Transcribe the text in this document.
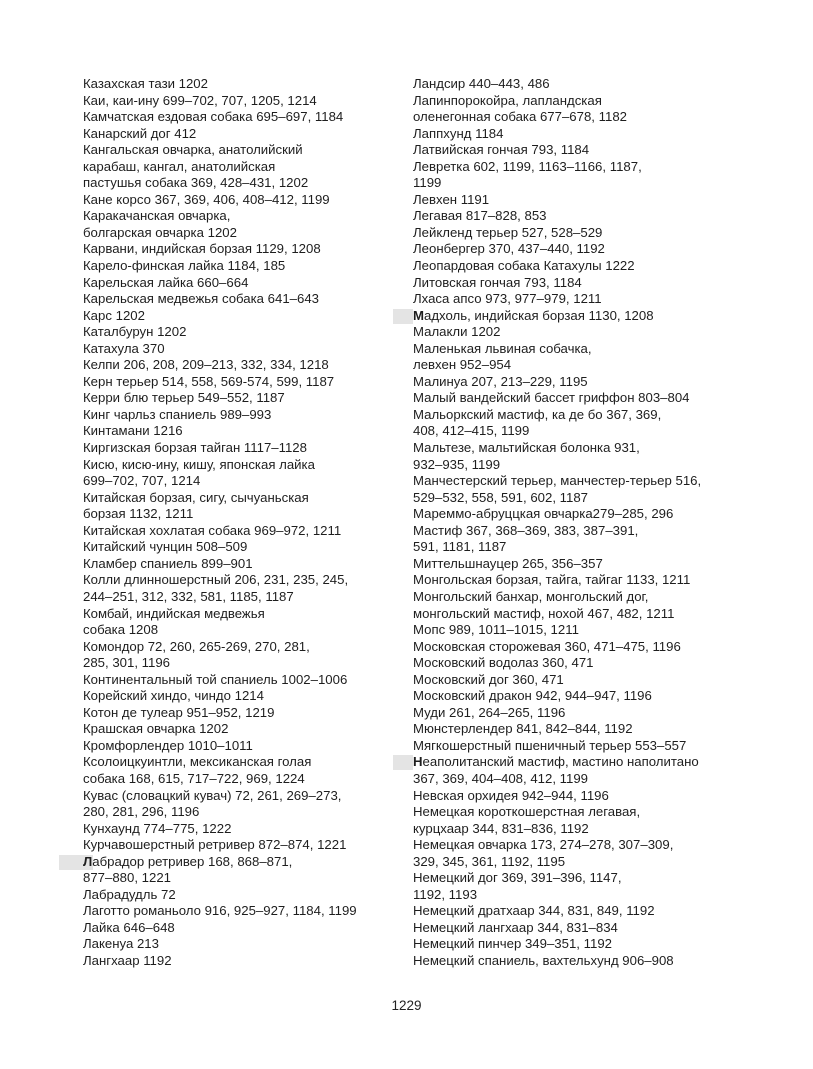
Казахская тази 1202
Каи, каи-ину 699–702, 707, 1205, 1214
Камчатская ездовая собака 695–697, 1184
Канарский дог 412
Кангальская овчарка, анатолийский
карабаш, кангал, анатолийская
пастушья собака 369, 428–431, 1202
Кане корсо 367, 369, 406, 408–412, 1199
Каракачанская овчарка,
болгарская овчарка 1202
Карвани, индийская борзая 1129, 1208
Карело-финская лайка 1184, 185
Карельская лайка 660–664
Карельская медвежья собака 641–643
Карс 1202
Каталбурун 1202
Катахула 370
Келпи 206, 208, 209–213, 332, 334, 1218
Керн терьер 514, 558, 569-574, 599, 1187
Керри блю терьер 549–552, 1187
Кинг чарльз спаниель 989–993
Кинтамани 1216
Киргизская борзая тайган 1117–1128
Кисю, кисю-ину, кишу, японская лайка
699–702, 707, 1214
Китайская борзая, сигу, сычуаньская
борзая 1132, 1211
Китайская хохлатая собака 969–972, 1211
Китайский чунцин 508–509
Кламбер спаниель 899–901
Колли длинношерстный 206, 231, 235, 245,
244–251, 312, 332, 581, 1185, 1187
Комбай, индийская медвежья
собака 1208
Комондор 72, 260, 265-269, 270, 281,
285, 301, 1196
Континентальный той спаниель 1002–1006
Корейский хиндо, чиндо 1214
Котон де тулеар 951–952, 1219
Крашская овчарка 1202
Кромфорлендер 1010–1011
Ксолоицкуинтли, мексиканская голая
собака 168, 615, 717–722, 969, 1224
Кувас (словацкий кувач) 72, 261, 269–273,
280, 281, 296, 1196
Кунхаунд 774–775, 1222
Курчавошерстный ретривер 872–874, 1221
Лабрадор ретривер 168, 868–871,
877–880, 1221
Лабрадудль 72
Лаготто романьоло 916, 925–927, 1184, 1199
Лайка 646–648
Лакенуа 213
Лангхаар 1192
Ландсир 440–443, 486
Лапинпорокойра, лапландская
оленегонная собака 677–678, 1182
Лаппхунд 1184
Латвийская гончая 793, 1184
Левретка 602, 1199, 1163–1166, 1187,
1199
Левхен 1191
Легавая 817–828, 853
Лейкленд терьер 527, 528–529
Леонбергер 370, 437–440, 1192
Леопардовая собака Катахулы 1222
Литовская гончая 793, 1184
Лхаса апсо 973, 977–979, 1211
Мадхоль, индийская борзая 1130, 1208
Малакли 1202
Маленькая львиная собачка,
левхен 952–954
Малинуа 207, 213–229, 1195
Малый вандейский бассет гриффон 803–804
Мальоркский мастиф, ка де бо 367, 369,
408, 412–415, 1199
Мальтезе, мальтийская болонка 931,
932–935, 1199
Манчестерский терьер, манчестер-терьер 516,
529–532, 558, 591, 602, 1187
Мареммо-абруццкая овчарка279–285, 296
Мастиф 367, 368–369, 383, 387–391,
591, 1181, 1187
Миттельшнауцер 265, 356–357
Монгольская борзая, тайга, тайгаг 1133, 1211
Монгольский банхар, монгольский дог,
монгольский мастиф, нохой 467, 482, 1211
Мопс 989, 1011–1015, 1211
Московская сторожевая 360, 471–475, 1196
Московский водолаз 360, 471
Московский дог 360, 471
Московский дракон 942, 944–947, 1196
Муди 261, 264–265, 1196
Мюнстерлендер 841, 842–844, 1192
Мягкошерстный пшеничный терьер 553–557
Неаполитанский мастиф, мастино наполитано
367, 369, 404–408, 412, 1199
Невская орхидея 942–944, 1196
Немецкая короткошерстная легавая,
курцхаар 344, 831–836, 1192
Немецкая овчарка 173, 274–278, 307–309,
329, 345, 361, 1192, 1195
Немецкий дог 369, 391–396, 1147,
1192, 1193
Немецкий дратхаар 344, 831, 849, 1192
Немецкий лангхаар 344, 831–834
Немецкий пинчер 349–351, 1192
Немецкий спаниель, вахтельхунд 906–908
1229
